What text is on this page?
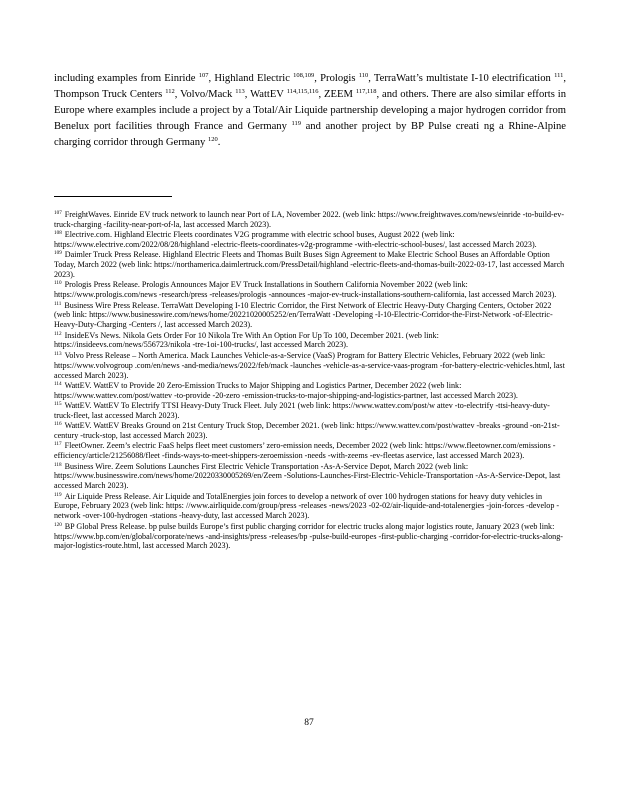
including examples from Einride $^{107}$, Highland Electric $^{108,109}$, Prologis $^{110}$, TerraWatt’s multistate I-10 electrification $^{111}$, Thompson Truck Centers $^{112}$, Volvo/Mack $^{113}$, WattEV $^{114,115,116}$, ZEEM $^{117,118}$, and others. There are also similar efforts in Europe where examples include a project by a Total/Air Liquide partnership developing a major hydrogen corridor from Benelux port facilities through France and Germany $^{119}$ and another project by BP Pulse creati ng a Rhine-Alpine charging corridor through Germany $^{120}$.

$^{107}$ FreightWaves. Einride EV truck network to launch near Port of LA, November 2022. (web link: https://www.freightwaves.com/news/einride -to-build-ev-truck-charging -facility-near-port-of-la, last accessed March 2023).

$^{108}$ Electrive.com. Highland Electric Fleets coordinates V2G programme with electric school buses, August 2022 (web link: https://www.electrive.com/2022/08/28/highland -electric-fleets-coordinates-v2g-programme -with-electric-school-buses/, last accessed March 2023).

$^{109}$ Daimler Truck Press Release. Highland Electric Fleets and Thomas Built Buses Sign Agreement to Make Electric School Buses an Affordable Option Today, March 2022 (web link: https://northamerica.daimlertruck.com/PressDetail/highland -electric-fleets-and-thomas-built-2022-03-17, last accessed March 2023).

$^{110}$ Prologis Press Release. Prologis Announces Major EV Truck Installations in Southern California November 2022 (web link: https://www.prologis.com/news -research/press -releases/prologis -announces -major-ev-truck-installations-southern-california, last accessed March 2023).

$^{111}$ Business Wire Press Release. TerraWatt Developing I-10 Electric Corridor, the First Network of Electric Heavy-Duty Charging Centers, October 2022 (web link: https://www.businesswire.com/news/home/20221020005252/en/TerraWatt -Developing -I-10-Electric-Corridor-the-First-Network -of-Electric-Heavy-Duty-Charging -Centers /, last accessed March 2023).

$^{112}$ InsideEVs News. Nikola Gets Order For 10 Nikola Tre With An Option For Up To 100, December 2021. (web link: https://insideevs.com/news/556723/nikola -tre-1oi-100-trucks/, last accessed March 2023).

$^{113}$ Volvo Press Release – North America. Mack Launches Vehicle-as-a-Service (VaaS) Program for Battery Electric Vehicles, February 2022 (web link: https://www.volvogroup .com/en/news -and-media/news/2022/feb/mack -launches -vehicle-as-a-service-vaas-program -for-battery-electric-vehicles.html, last accessed March 2023).

$^{114}$ WattEV. WattEV to Provide 20 Zero-Emission Trucks to Major Shipping and Logistics Partner, December 2022 (web link: https://www.wattev.com/post/wattev -to-provide -20-zero -emission-trucks-to-major-shipping-and-logistics-partner, last accessed March 2023).

$^{115}$ WattEV. WattEV To Electrify TTSI Heavy-Duty Truck Fleet. July 2021 (web link: https://www.wattev.com/post/w attev -to-electrify -ttsi-heavy-duty-truck-fleet, last accessed March 2023).

$^{116}$ WattEV. WattEV Breaks Ground on 21st Century Truck Stop, December 2021. (web link: https://www.wattev.com/post/wattev -breaks -ground -on-21st-century -truck-stop, last accessed March 2023).

$^{117}$ FleetOwner. Zeem’s electric FaaS helps fleet meet customers’ zero-emission needs, December 2022 (web link: https://www.fleetowner.com/emissions -efficiency/article/21256088/fleet -finds-ways-to-meet-shippers-zeroemission -needs -with-zeems -ev-fleetas aservice, last accessed March 2023).

$^{118}$ Business Wire. Zeem Solutions Launches First Electric Vehicle Transportation -As-A-Service Depot, March 2022 (web link: https://www.businesswire.com/news/home/20220330005269/en/Zeem -Solutions-Launches-First-Electric-Vehicle-Transportation -As-A-Service-Depot, last accessed March 2023).

$^{119}$ Air Liquide Press Release. Air Liquide and TotalEnergies join forces to develop a network of over 100 hydrogen stations for heavy duty vehicles in Europe, February 2023 (web link: https: //www.airliquide.com/group/press -releases -news/2023 -02-02/air-liquide-and-totalenergies -join-forces -develop -network -over-100-hydrogen -stations -heavy-duty, last accessed March 2023).

$^{120}$ BP Global Press Release. bp pulse builds Europe’s first public charging corridor for electric trucks along major logistics route, January 2023 (web link: https://www.bp.com/en/global/corporate/news -and-insights/press -releases/bp -pulse-build-europes -first-public-charging -corridor-for-electric-trucks-along-major-logistics-route.html, last accessed March 2023).

87
